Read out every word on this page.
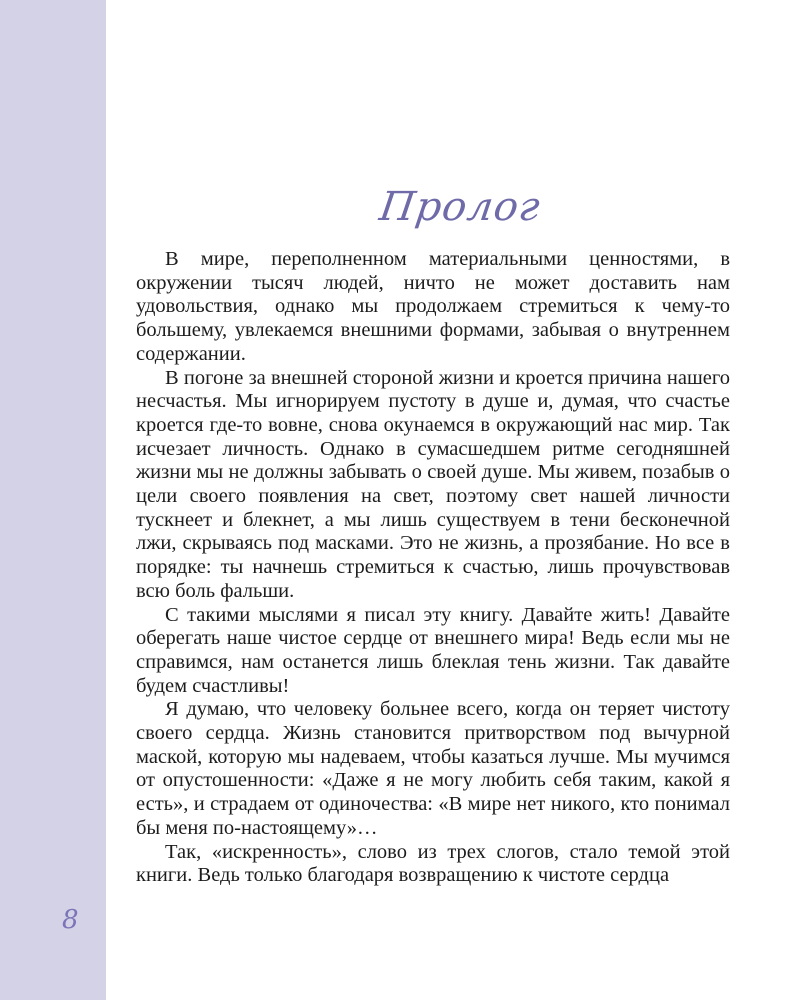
8
Пролог

В мире, переполненном материальными ценностями, в окружении тысяч людей, ничто не может доставить нам удовольствия, однако мы продолжаем стремиться к чему-то большему, увлекаемся внешними формами, забывая о внутреннем содержании.

В погоне за внешней стороной жизни и кроется причина нашего несчастья. Мы игнорируем пустоту в душе и, думая, что счастье кроется где-то вовне, снова окунаемся в окружающий нас мир. Так исчезает личность. Однако в сумасшедшем ритме сегодняшней жизни мы не должны забывать о своей душе. Мы живем, позабыв о цели своего появления на свет, поэтому свет нашей личности тускнеет и блекнет, а мы лишь существуем в тени бесконечной лжи, скрываясь под масками. Это не жизнь, а прозябание. Но все в порядке: ты начнешь стремиться к счастью, лишь прочувствовав всю боль фальши.

С такими мыслями я писал эту книгу. Давайте жить! Давайте оберегать наше чистое сердце от внешнего мира! Ведь если мы не справимся, нам останется лишь блеклая тень жизни. Так давайте будем счастливы!

Я думаю, что человеку больнее всего, когда он теряет чистоту своего сердца. Жизнь становится притворством под вычурной маской, которую мы надеваем, чтобы казаться лучше. Мы мучимся от опустошенности: «Даже я не могу любить себя таким, какой я есть», и страдаем от одиночества: «В мире нет никого, кто понимал бы меня по-настоящему»…

Так, «искренность», слово из трех слогов, стало темой этой книги. Ведь только благодаря возвращению к чистоте сердца
